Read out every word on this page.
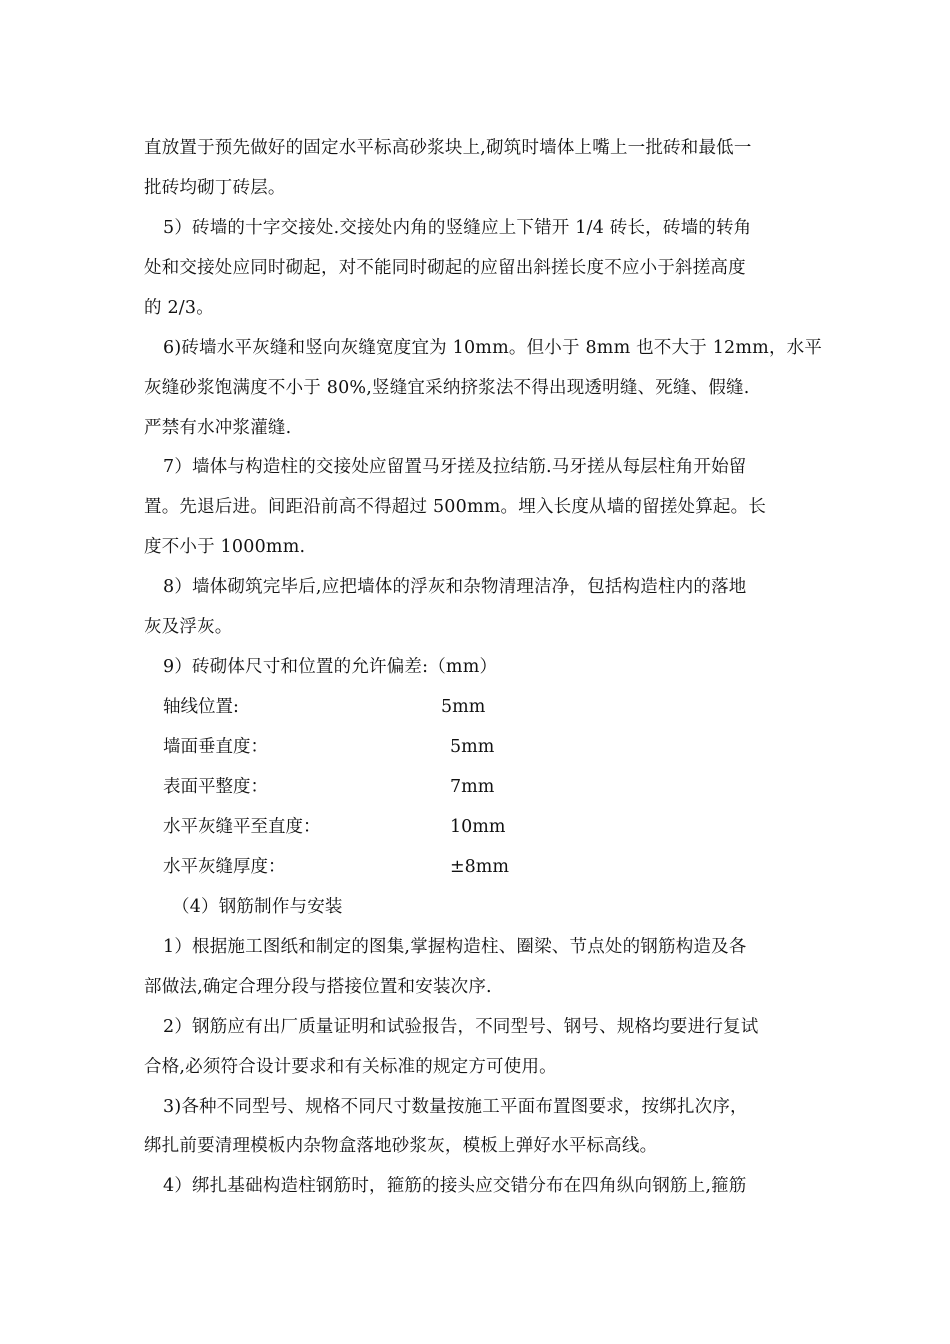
直放置于预先做好的固定水平标高砂浆块上,砌筑时墙体上嘴上一批砖和最低一
批砖均砌丁砖层。
5）砖墙的十字交接处.交接处内角的竖缝应上下错开 1/4 砖长，砖墙的转角
处和交接处应同时砌起，对不能同时砌起的应留出斜搓长度不应小于斜搓高度
的 2/3。
6)砖墙水平灰缝和竖向灰缝宽度宜为 10mm。但小于 8mm 也不大于 12mm，水平
灰缝砂浆饱满度不小于 80%,竖缝宜采纳挤浆法不得出现透明缝、死缝、假缝.
严禁有水冲浆灌缝.
7）墙体与构造柱的交接处应留置马牙搓及拉结筋.马牙搓从每层柱角开始留
置。先退后进。间距沿前高不得超过 500mm。埋入长度从墙的留搓处算起。长
度不小于 1000mm.
8）墙体砌筑完毕后,应把墙体的浮灰和杂物清理洁净，包括构造柱内的落地
灰及浮灰。
9）砖砌体尺寸和位置的允许偏差:（mm）
轴线位置:	5mm
墙面垂直度：	5mm
表面平整度：	7mm
水平灰缝平至直度：	10mm
水平灰缝厚度：	±8mm
（4）钢筋制作与安装
1）根据施工图纸和制定的图集,掌握构造柱、圈梁、节点处的钢筋构造及各
部做法,确定合理分段与搭接位置和安装次序.
2）钢筋应有出厂质量证明和试验报告，不同型号、钢号、规格均要进行复试
合格,必须符合设计要求和有关标准的规定方可使用。
3)各种不同型号、规格不同尺寸数量按施工平面布置图要求，按绑扎次序，
绑扎前要清理模板内杂物盒落地砂浆灰，模板上弹好水平标高线。
4）绑扎基础构造柱钢筋时，箍筋的接头应交错分布在四角纵向钢筋上,箍筋
